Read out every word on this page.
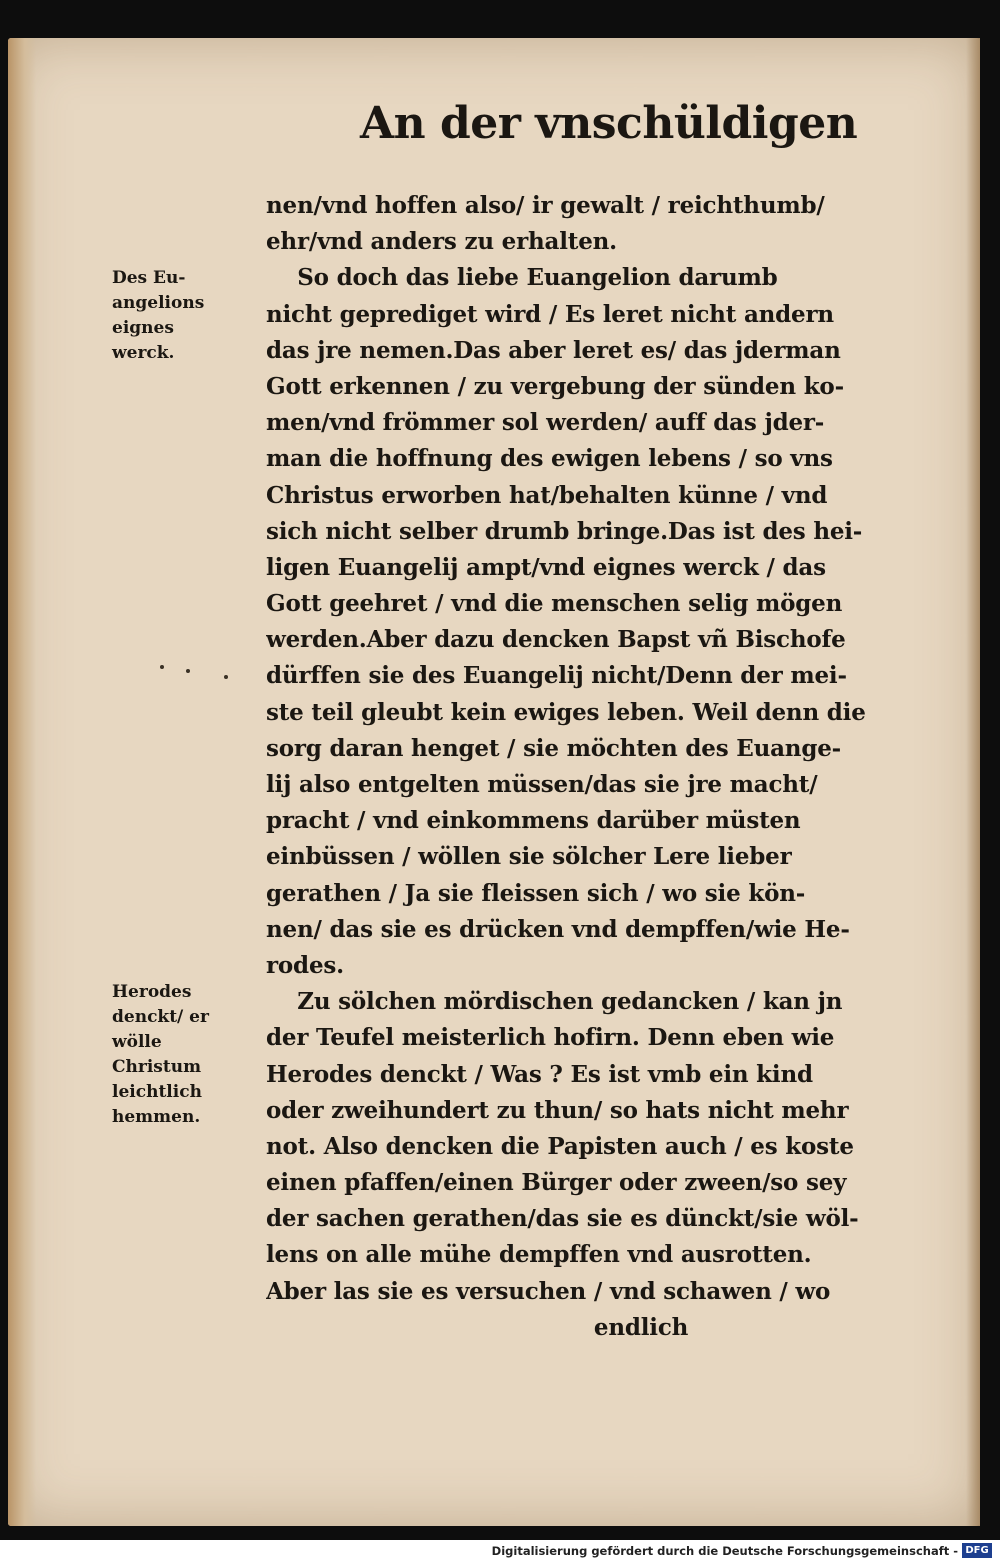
An der vnschüldigen
Des Eu-
angelions
eignes
werck.
Herodes
denckt/ er
wölle
Christum
leichtlich
hemmen.
nen/vnd hoffen also/ ir gewalt / reichthumb/
ehr/vnd anders zu erhalten.
So doch das liebe Euangelion darumb
nicht geprediget wird / Es leret nicht andern
das jre nemen.Das aber leret es/ das jderman
Gott erkennen / zu vergebung der sünden ko-
men/vnd frömmer sol werden/ auff das jder-
man die hoffnung des ewigen lebens / so vns
Christus erworben hat/behalten künne / vnd
sich nicht selber drumb bringe.Das ist des hei-
ligen Euangelij ampt/vnd eignes werck / das
Gott geehret / vnd die menschen selig mögen
werden.Aber dazu dencken Bapst vñ Bischofe
dürffen sie des Euangelij nicht/Denn der mei-
ste teil gleubt kein ewiges leben. Weil denn die
sorg daran henget / sie möchten des Euange-
lij also entgelten müssen/das sie jre macht/
pracht / vnd einkommens darüber müsten
einbüssen / wöllen sie sölcher Lere lieber
gerathen / Ja sie fleissen sich / wo sie kön-
nen/ das sie es drücken vnd dempffen/wie He-
rodes.
Zu sölchen mördischen gedancken / kan jn
der Teufel meisterlich hofirn. Denn eben wie
Herodes denckt / Was ? Es ist vmb ein kind
oder zweihundert zu thun/ so hats nicht mehr
not. Also dencken die Papisten auch / es koste
einen pfaffen/einen Bürger oder zween/so sey
der sachen gerathen/das sie es dünckt/sie wöl-
lens on alle mühe dempffen vnd ausrotten.
Aber las sie es versuchen / vnd schawen / wo
endlich
Digitalisierung gefördert durch die Deutsche Forschungsgemeinschaft - DFG
